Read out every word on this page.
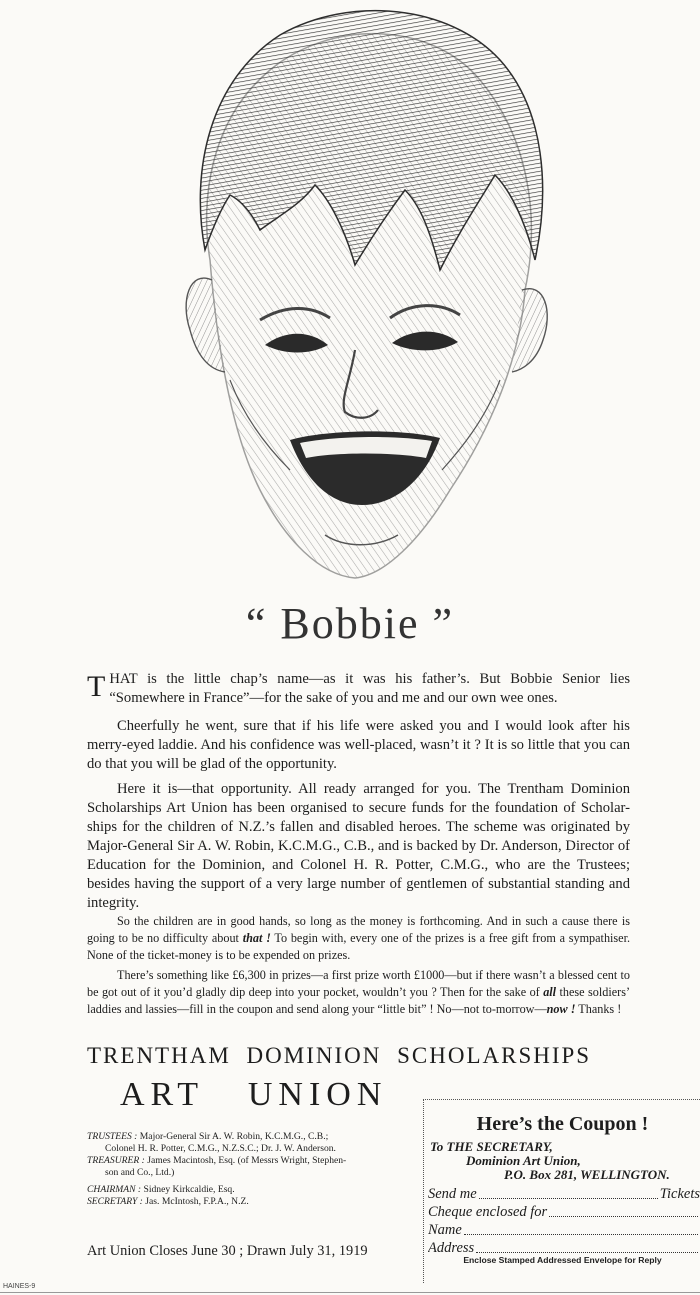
“ Bobbie ”

THAT is the little chap’s name—as it was his father’s. But Bobbie Senior lies “Somewhere in France”—for the sake of you and me and our own wee ones.

Cheerfully he went, sure that if his life were asked you and I would look after his merry-eyed laddie. And his confidence was well-placed, wasn’t it ? It is so little that you can do that you will be glad of the opportunity.

Here it is—that opportunity. All ready arranged for you. The Trentham Dominion Scholarships Art Union has been organised to secure funds for the foundation of Scholar-ships for the children of N.Z.’s fallen and disabled heroes. The scheme was originated by Major-General Sir A. W. Robin, K.C.M.G., C.B., and is backed by Dr. Anderson, Director of Education for the Dominion, and Colonel H. R. Potter, C.M.G., who are the Trustees; besides having the support of a very large number of gentlemen of substantial standing and integrity.

So the children are in good hands, so long as the money is forthcoming. And in such a cause there is going to be no difficulty about that ! To begin with, every one of the prizes is a free gift from a sympathiser. None of the ticket-money is to be expended on prizes.

There’s something like £6,300 in prizes—a first prize worth £1000—but if there wasn’t a blessed cent to be got out of it you’d gladly dip deep into your pocket, wouldn’t you ? Then for the sake of all these soldiers’ laddies and lassies—fill in the coupon and send along your “little bit” ! No—not to-morrow—now ! Thanks !

TRENTHAM DOMINION SCHOLARSHIPS
ART UNION
TRUSTEES : Major-General Sir A. W. Robin, K.C.M.G., C.B.;
Colonel H. R. Potter, C.M.G., N.Z.S.C.; Dr. J. W. Anderson.
TREASURER : James Macintosh, Esq. (of Messrs Wright, Stephen-
son and Co., Ltd.)
CHAIRMAN : Sidney Kirkcaldie, Esq.
SECRETARY : Jas. McIntosh, F.P.A., N.Z.
Art Union Closes June 30 ; Drawn July 31, 1919
Here’s the Coupon !
To THE SECRETARY,
Dominion Art Union,
P.O. Box 281, WELLINGTON.
Send me	Tickets
Cheque enclosed for
Name
Address
Enclose Stamped Addressed Envelope for Reply
HAINES-9
